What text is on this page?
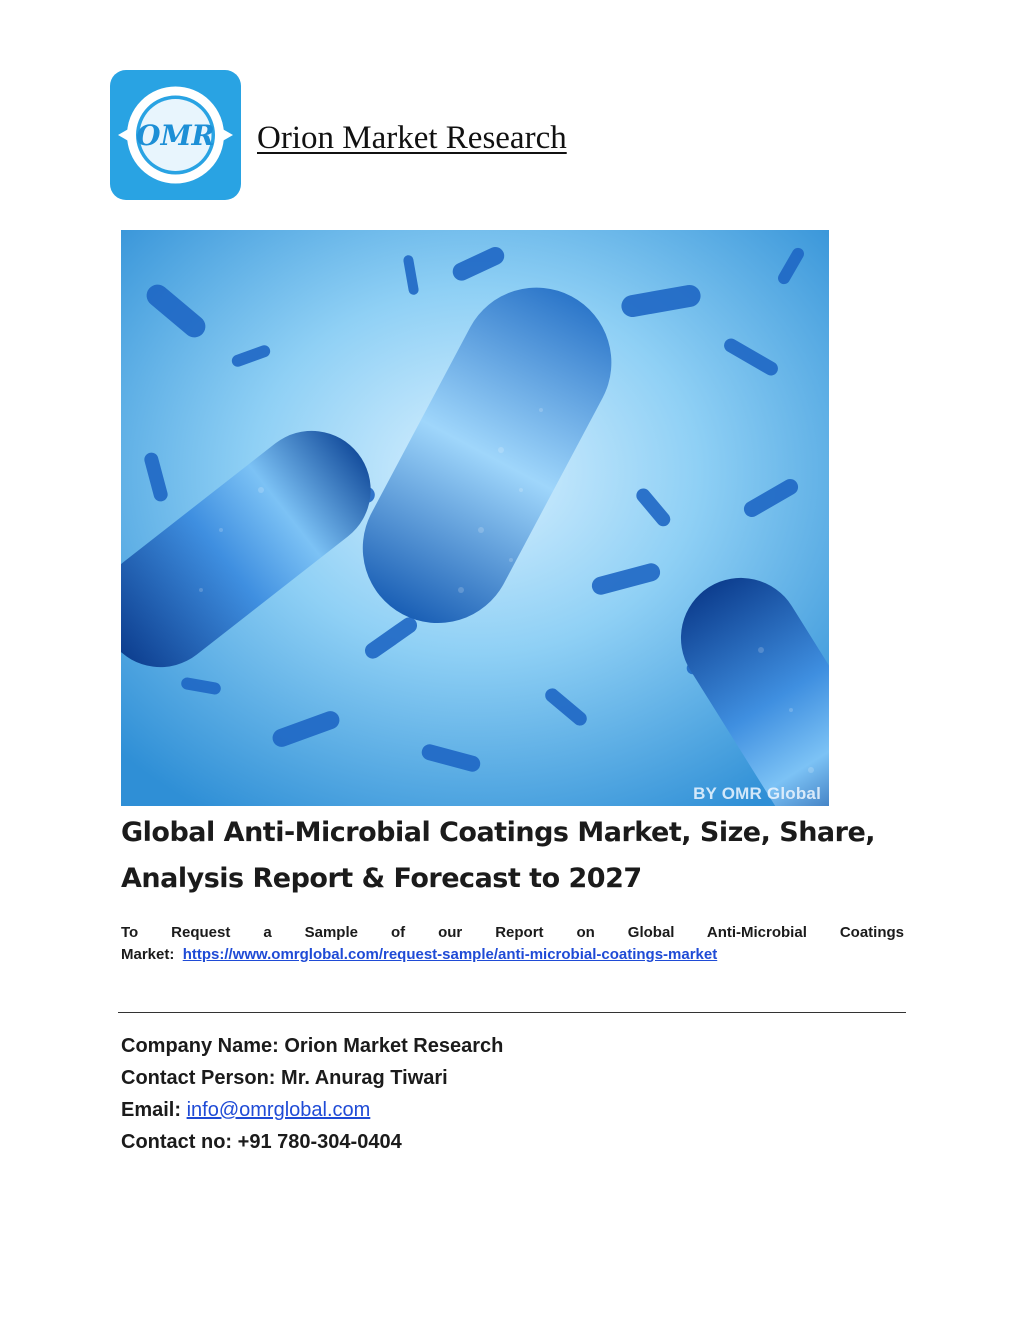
OMR Orion Market Research
BY OMR Global
Global Anti-Microbial Coatings Market, Size, Share,
Analysis Report & Forecast to 2027
To Request a Sample of our Report on Global Anti-Microbial Coatings
Market: https://www.omrglobal.com/request-sample/anti-microbial-coatings-market
Company Name: Orion Market Research
Contact Person: Mr. Anurag Tiwari
Email: info@omrglobal.com
Contact no: +91 780-304-0404
